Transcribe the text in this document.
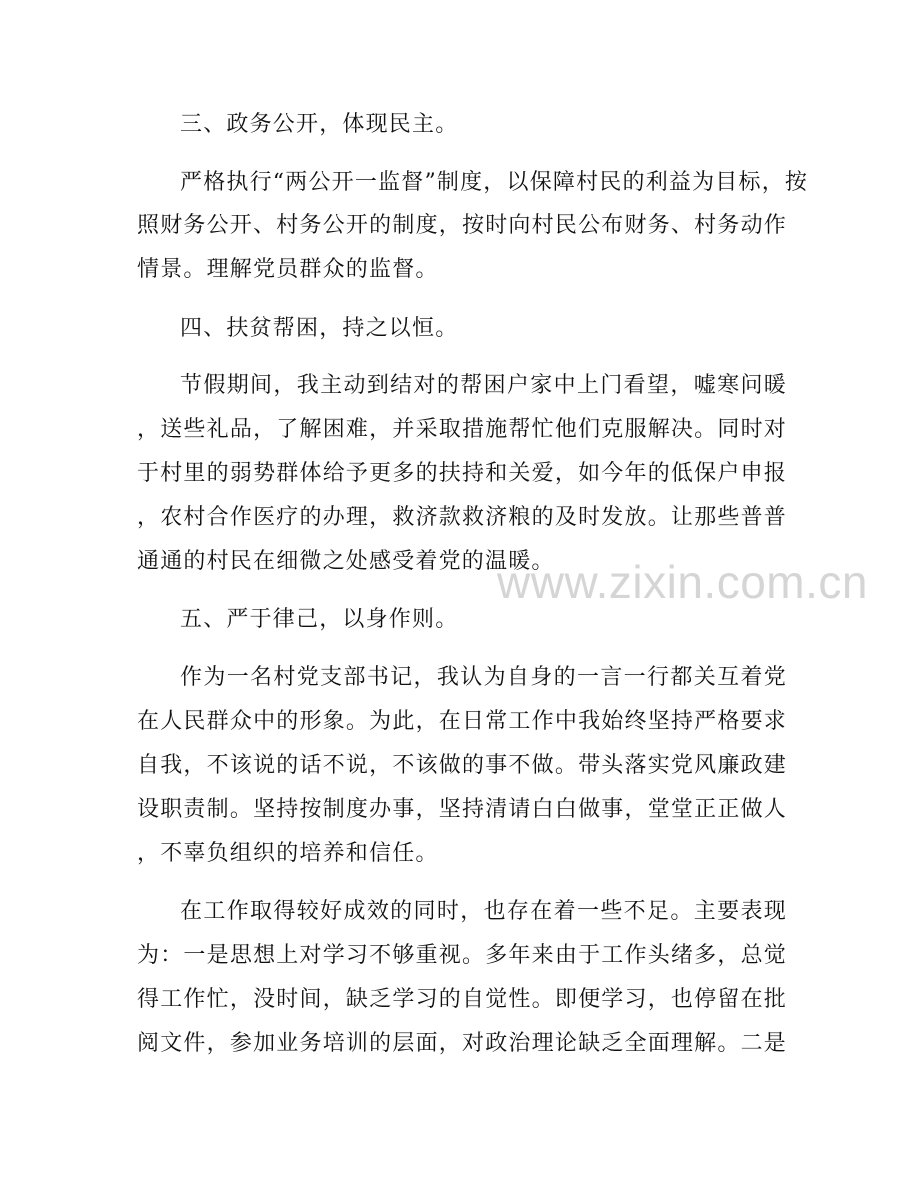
三、政务公开，体现民主。
严格执行“两公开一监督”制度，以保障村民的利益为目标，按
照财务公开、村务公开的制度，按时向村民公布财务、村务动作
情景。理解党员群众的监督。
四、扶贫帮困，持之以恒。
节假期间，我主动到结对的帮困户家中上门看望，嘘寒问暖
，送些礼品，了解困难，并采取措施帮忙他们克服解决。同时对
于村里的弱势群体给予更多的扶持和关爱，如今年的低保户申报
，农村合作医疗的办理，救济款救济粮的及时发放。让那些普普
通通的村民在细微之处感受着党的温暖。
五、严于律己，以身作则。
作为一名村党支部书记，我认为自身的一言一行都关互着党
在人民群众中的形象。为此，在日常工作中我始终坚持严格要求
自我，不该说的话不说，不该做的事不做。带头落实党风廉政建
设职责制。坚持按制度办事，坚持清请白白做事，堂堂正正做人
，不辜负组织的培养和信任。
在工作取得较好成效的同时，也存在着一些不足。主要表现
为：一是思想上对学习不够重视。多年来由于工作头绪多，总觉
得工作忙，没时间，缺乏学习的自觉性。即便学习，也停留在批
阅文件，参加业务培训的层面，对政治理论缺乏全面理解。二是
www.zixin.com.cn
